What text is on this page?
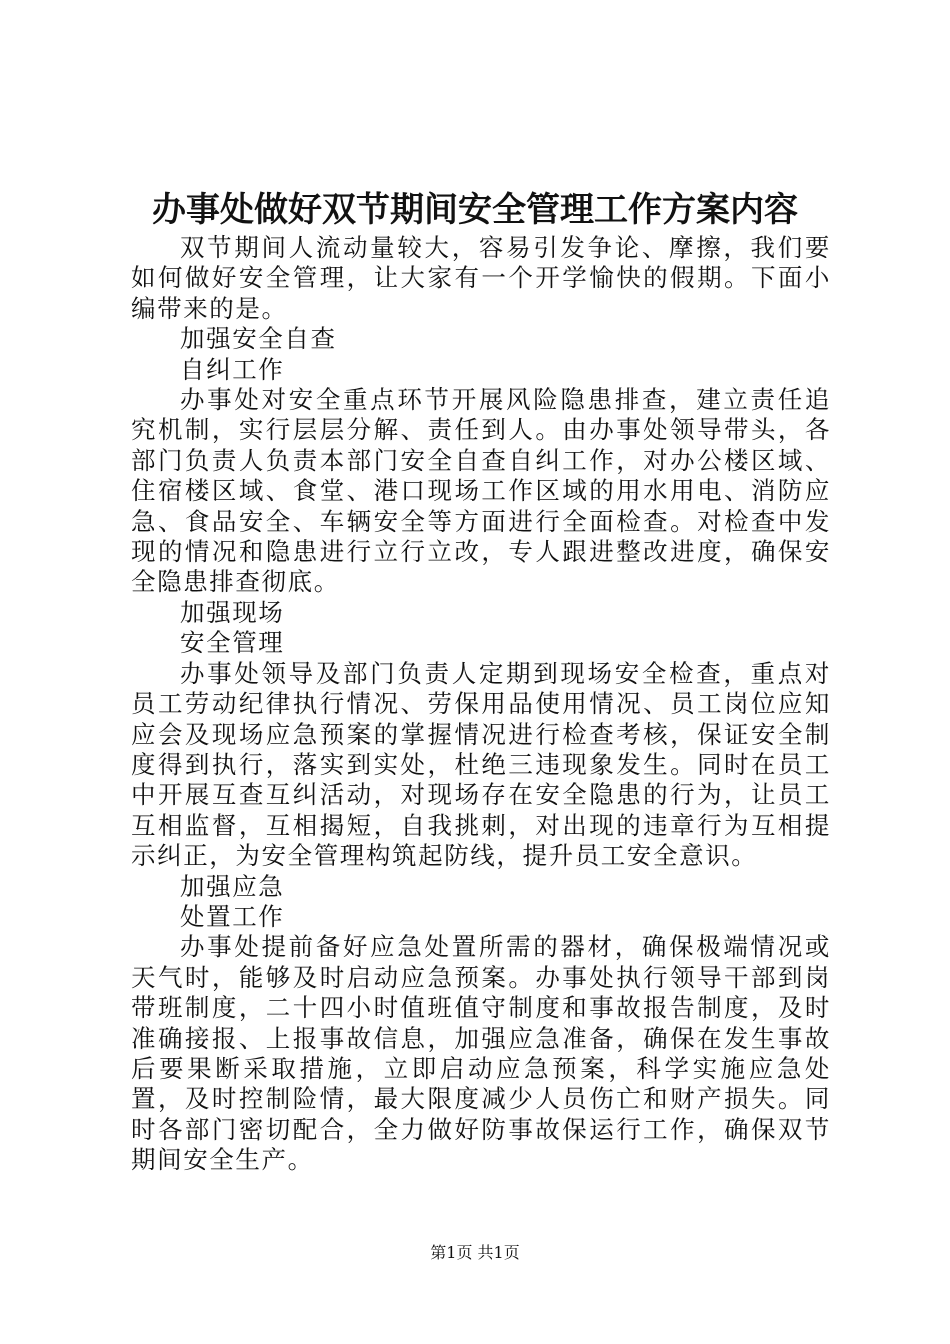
办事处做好双节期间安全管理工作方案内容

双节期间人流动量较大，容易引发争论、摩擦，我们要如何做好安全管理，让大家有一个开学愉快的假期。下面小编带来的是。

加强安全自查

自纠工作

办事处对安全重点环节开展风险隐患排查，建立责任追究机制，实行层层分解、责任到人。由办事处领导带头，各部门负责人负责本部门安全自查自纠工作，对办公楼区域、住宿楼区域、食堂、港口现场工作区域的用水用电、消防应急、食品安全、车辆安全等方面进行全面检查。对检查中发现的情况和隐患进行立行立改，专人跟进整改进度，确保安全隐患排查彻底。

加强现场

安全管理

办事处领导及部门负责人定期到现场安全检查，重点对员工劳动纪律执行情况、劳保用品使用情况、员工岗位应知应会及现场应急预案的掌握情况进行检查考核，保证安全制度得到执行，落实到实处，杜绝三违现象发生。同时在员工中开展互查互纠活动，对现场存在安全隐患的行为，让员工互相监督，互相揭短，自我挑刺，对出现的违章行为互相提示纠正，为安全管理构筑起防线，提升员工安全意识。

加强应急

处置工作

办事处提前备好应急处置所需的器材，确保极端情况或天气时，能够及时启动应急预案。办事处执行领导干部到岗带班制度，二十四小时值班值守制度和事故报告制度，及时准确接报、上报事故信息，加强应急准备，确保在发生事故后要果断采取措施，立即启动应急预案，科学实施应急处置，及时控制险情，最大限度减少人员伤亡和财产损失。同时各部门密切配合，全力做好防事故保运行工作，确保双节期间安全生产。

第1页 共1页
